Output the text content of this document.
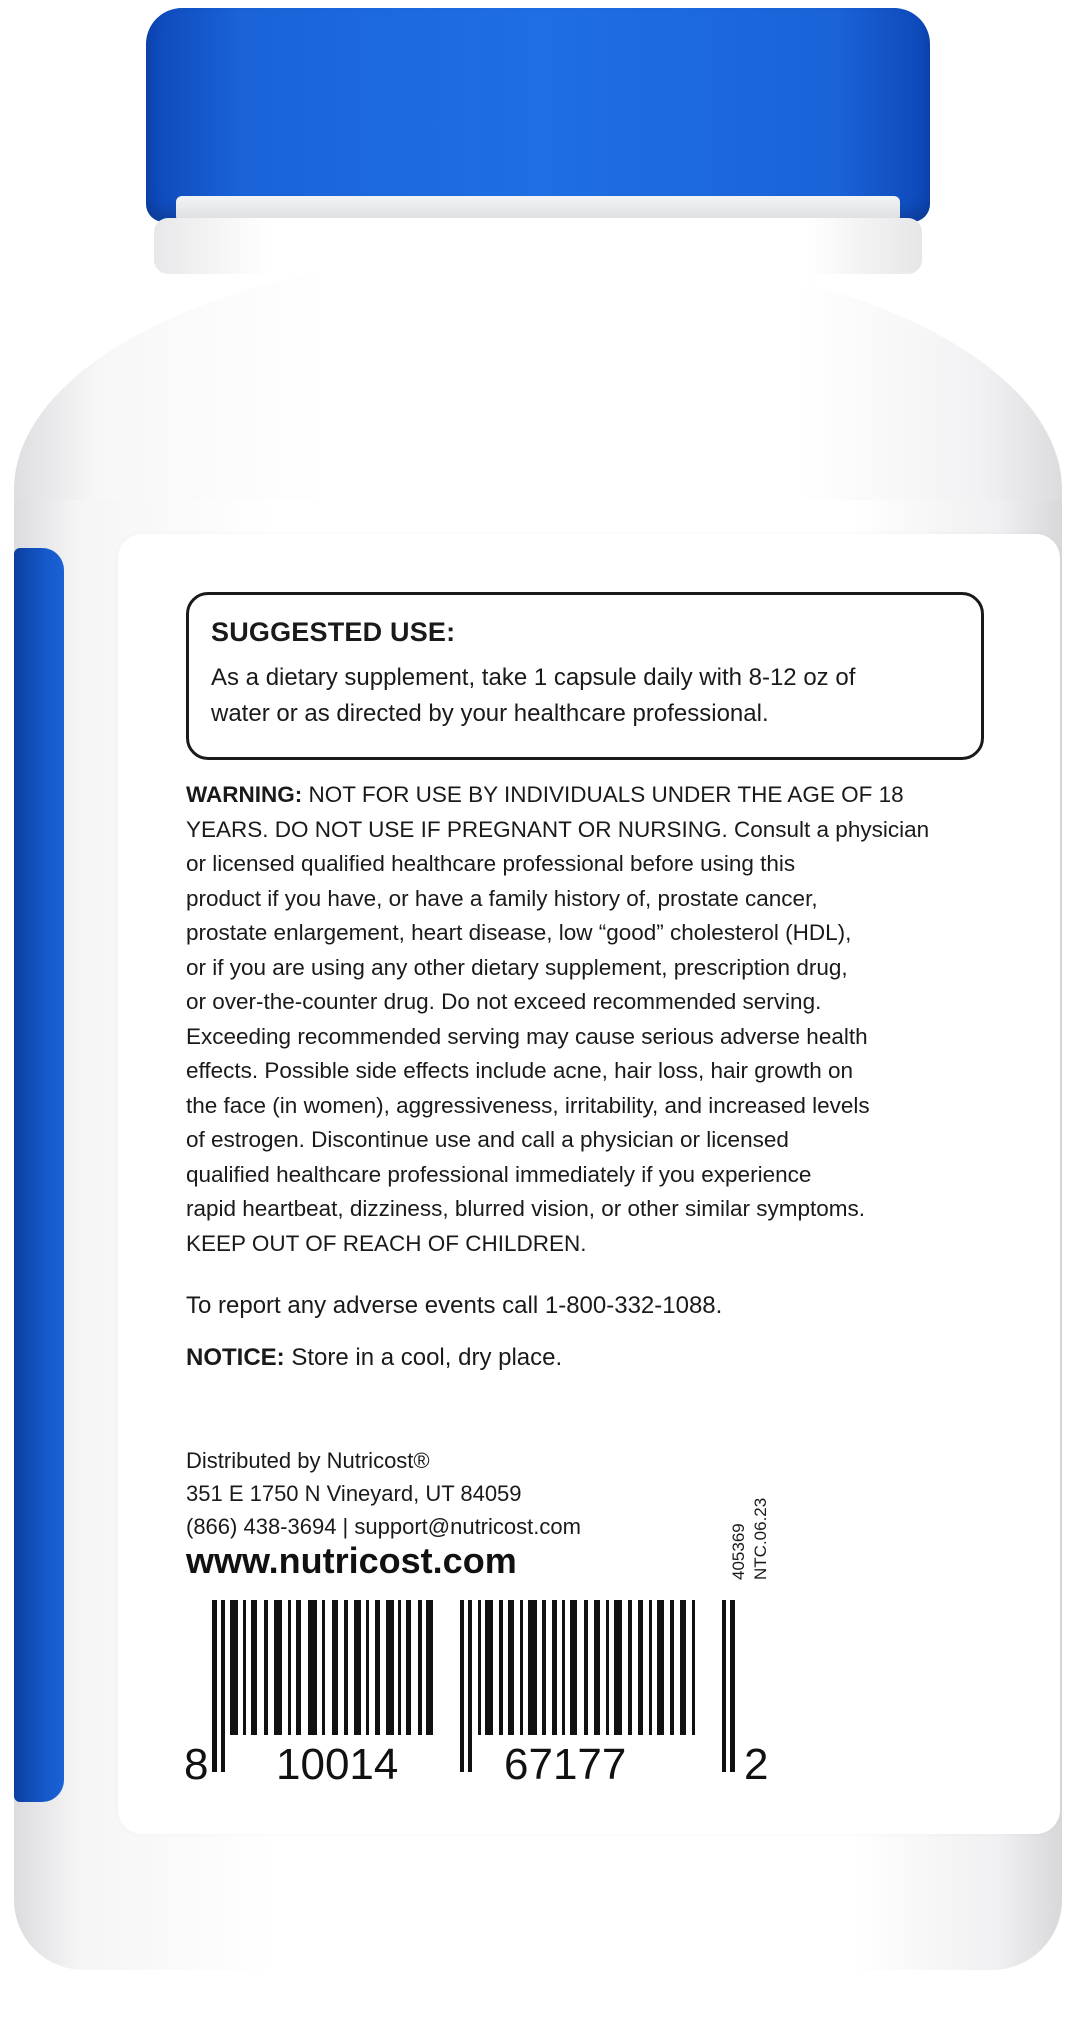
SUGGESTED USE:
As a dietary supplement, take 1 capsule daily with 8-12 oz of
water or as directed by your healthcare professional.
WARNING: NOT FOR USE BY INDIVIDUALS UNDER THE AGE OF 18
YEARS. DO NOT USE IF PREGNANT OR NURSING. Consult a physician
or licensed qualified healthcare professional before using this
product if you have, or have a family history of, prostate cancer,
prostate enlargement, heart disease, low “good” cholesterol (HDL),
or if you are using any other dietary supplement, prescription drug,
or over-the-counter drug. Do not exceed recommended serving.
Exceeding recommended serving may cause serious adverse health
effects. Possible side effects include acne, hair loss, hair growth on
the face (in women), aggressiveness, irritability, and increased levels
of estrogen. Discontinue use and call a physician or licensed
qualified healthcare professional immediately if you experience
rapid heartbeat, dizziness, blurred vision, or other similar symptoms.
KEEP OUT OF REACH OF CHILDREN.
To report any adverse events call 1-800-332-1088.
NOTICE: Store in a cool, dry place.
Distributed by Nutricost®
351 E 1750 N Vineyard, UT 84059
(866) 438-3694 | support@nutricost.com
www.nutricost.com	405369 NTC.06.23
8 10014 67177	2
